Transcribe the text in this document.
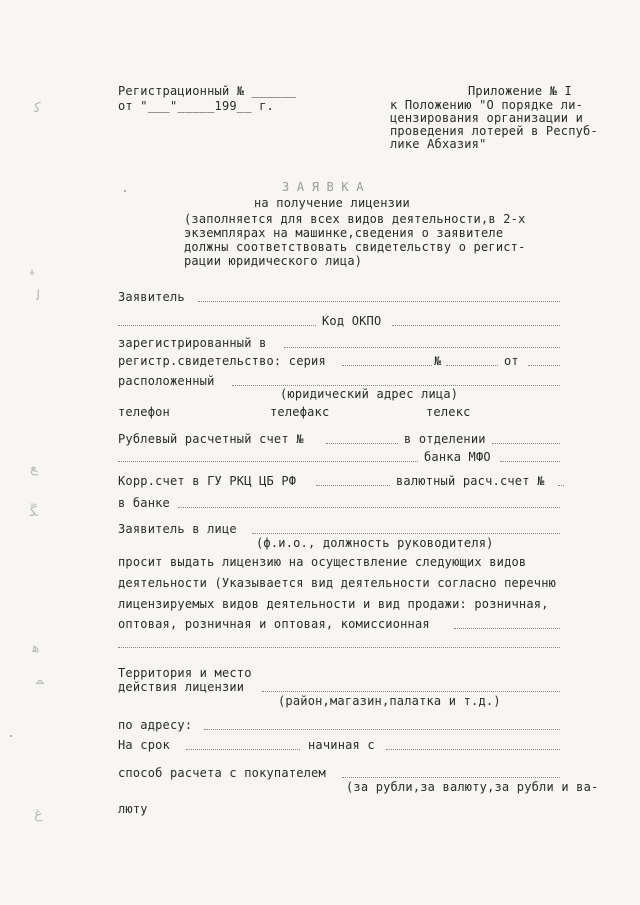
ﻛ
ﺒ
ﻟ
ﻊ
ﮝ
ﻫ
ﻤ
ﻍ
Регистрационный № ______
от "___"_____199__ г.
Приложение № I
к Положению "О порядке ли-
цензирования организации и
проведения лотерей в Респуб-
лике Абхазия"
З А Я В К А
на получение лицензии
(заполняется для всех видов деятельности,в 2-х
экземплярах на машинке,сведения о заявителе
должны соответствовать свидетельству о регист-
рации юридического лица)
Заявитель
Код ОКПО
зарегистрированный в
регистр.свидетельство: серия	№	от
расположенный
(юридический адрес лица)
телефон	телефакс	телекс
Рублевый расчетный счет №	в отделении
банка МФО
Корр.счет в ГУ РКЦ ЦБ РФ	валютный расч.счет №
в банке
Заявитель в лице
(ф.и.о., должность руководителя)
просит выдать лицензию на осуществление следующих видов
деятельности (Указывается вид деятельности согласно перечню
лицензируемых видов деятельности и вид продажи: розничная,
оптовая, розничная и оптовая, комиссионная
Территория и место
действия лицензии
(район,магазин,палатка и т.д.)
по адресу:
На срок	начиная с
способ расчета с покупателем
(за рубли,за валюту,за рубли и ва-
люту
